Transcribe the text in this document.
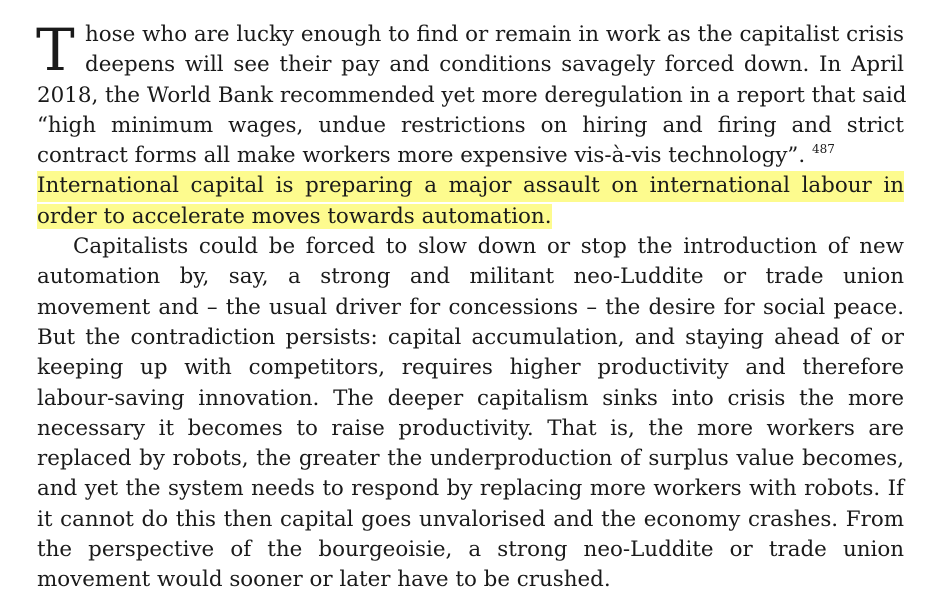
T hose who are lucky enough to find or remain in work as the capitalist crisis
deepens will see their pay and conditions savagely forced down. In April
2018, the World Bank recommended yet more deregulation in a report that said
“high minimum wages, undue restrictions on hiring and firing and strict
contract forms all make workers more expensive vis-à-vis technology”. $^{487}$
International capital is preparing a major assault on international labour in
order to accelerate moves towards automation.
Capitalists could be forced to slow down or stop the introduction of new
automation by, say, a strong and militant neo-Luddite or trade union
movement and – the usual driver for concessions – the desire for social peace.
But the contradiction persists: capital accumulation, and staying ahead of or
keeping up with competitors, requires higher productivity and therefore
labour-saving innovation. The deeper capitalism sinks into crisis the more
necessary it becomes to raise productivity. That is, the more workers are
replaced by robots, the greater the underproduction of surplus value becomes,
and yet the system needs to respond by replacing more workers with robots. If
it cannot do this then capital goes unvalorised and the economy crashes. From
the perspective of the bourgeoisie, a strong neo-Luddite or trade union
movement would sooner or later have to be crushed.
